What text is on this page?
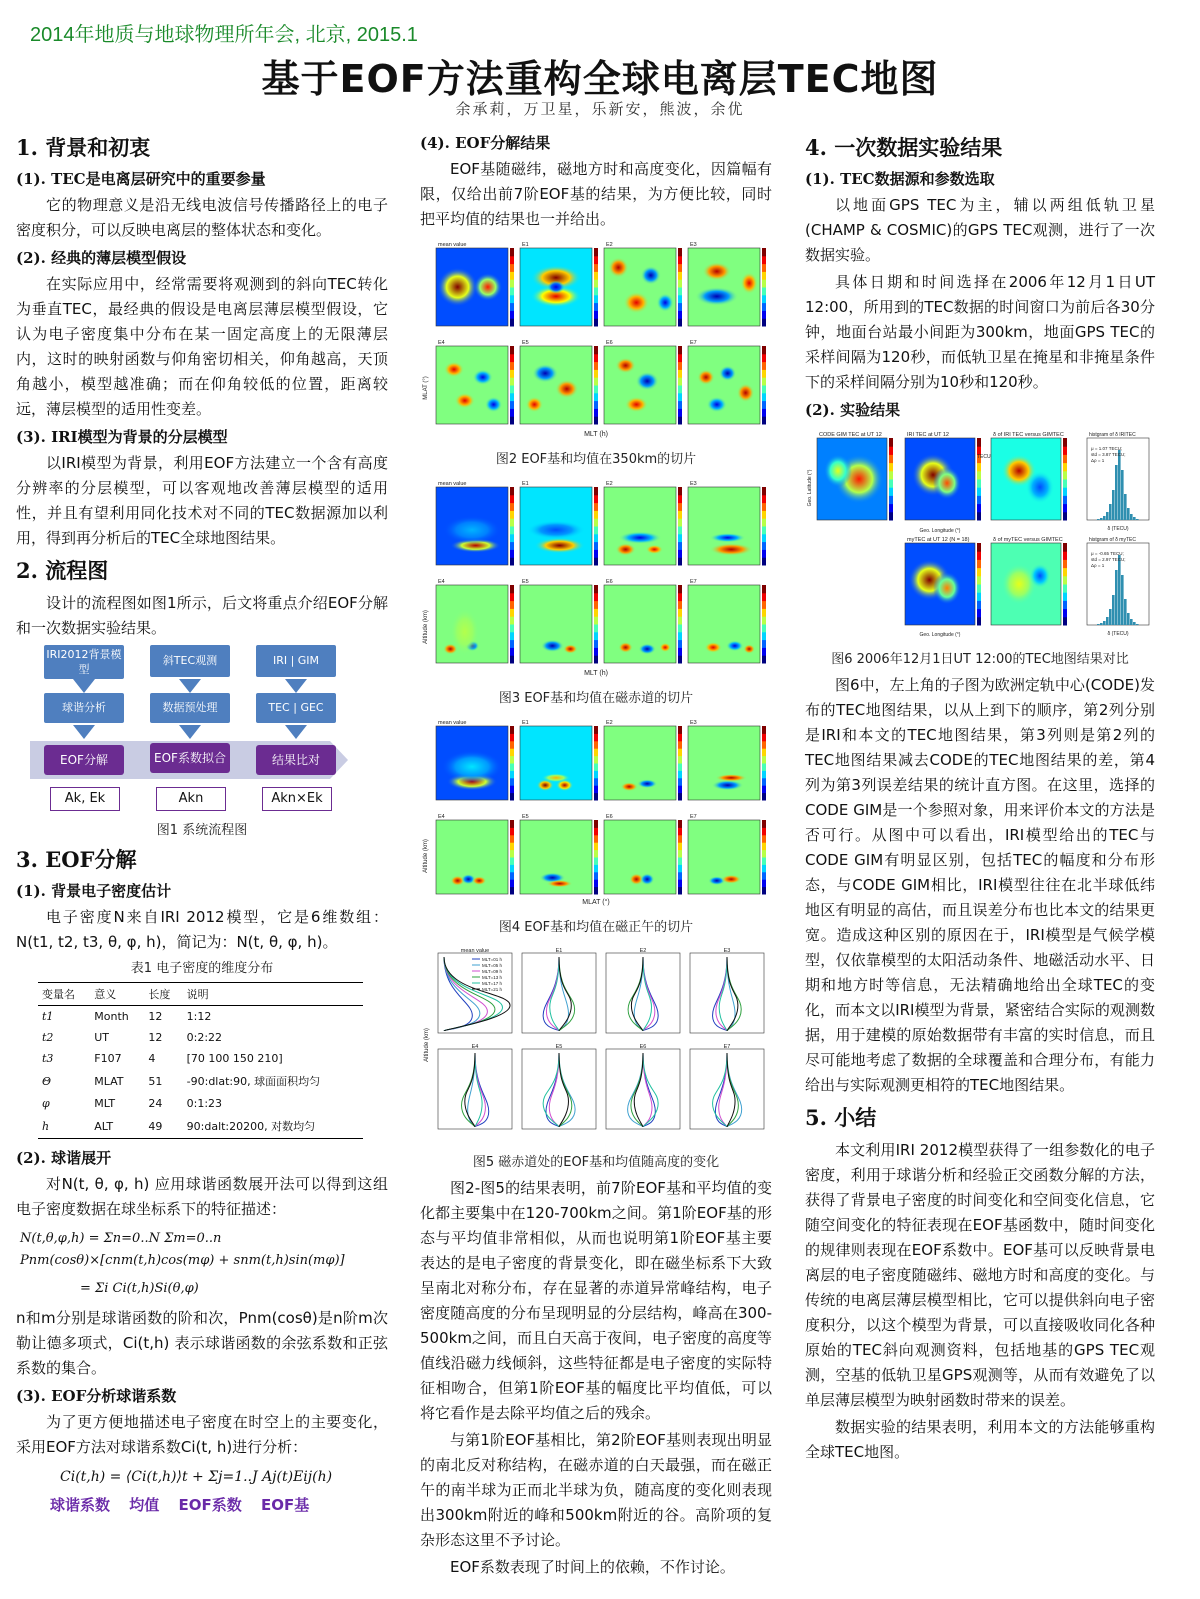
2014年地质与地球物理所年会, 北京, 2015.1
基于EOF方法重构全球电离层TEC地图
余承莉，万卫星，乐新安，熊波，余优
1. 背景和初衷
(1). TEC是电离层研究中的重要参量

它的物理意义是沿无线电波信号传播路径上的电子密度积分，可以反映电离层的整体状态和变化。

(2). 经典的薄层模型假设

在实际应用中，经常需要将观测到的斜向TEC转化为垂直TEC，最经典的假设是电离层薄层模型假设，它认为电子密度集中分布在某一固定高度上的无限薄层内，这时的映射函数与仰角密切相关，仰角越高，天顶角越小，模型越准确；而在仰角较低的位置，距离较远，薄层模型的适用性变差。

(3). IRI模型为背景的分层模型

以IRI模型为背景，利用EOF方法建立一个含有高度分辨率的分层模型，可以客观地改善薄层模型的适用性，并且有望利用同化技术对不同的TEC数据源加以利用，得到再分析后的TEC全球地图结果。

2. 流程图

设计的流程图如图1所示，后文将重点介绍EOF分解和一次数据实验结果。

IRI2012背景模型
斜TEC观测	IRI | GIM
球谐分析	数据预处理	TEC | GEC
EOF分解	EOF系数拟合	结果比对
Ak, Ek	Akn	Akn×Ek
图1 系统流程图
3. EOF分解
(1). 背景电子密度估计

电子密度N来自IRI 2012模型，它是6维数组：N(t1, t2, t3, θ, φ, h)，简记为：N(t, θ, φ, h)。

表1 电子密度的维度分布
变量名	意义	长度	说明
t1	Month	12	1:12
t2	UT	12	0:2:22
t3	F107	4	[70 100 150 210]
Θ	MLAT	51	-90:dlat:90, 球面面积均匀
φ	MLT	24	0:1:23
h	ALT	49	90:dalt:20200, 对数均匀
(2). 球谐展开

对N(t, θ, φ, h) 应用球谐函数展开法可以得到这组电子密度数据在球坐标系下的特征描述：

N(t,θ,φ,h) = Σn=0..N Σm=0..n Pnm(cosθ)×[cnm(t,h)cos(mφ) + snm(t,h)sin(mφ)]
= Σi Ci(t,h)Si(θ,φ)

n和m分别是球谐函数的阶和次，Pnm(cosθ)是n阶m次勒让德多项式，Ci(t,h) 表示球谐函数的余弦系数和正弦系数的集合。

(3). EOF分析球谐系数

为了更方便地描述电子密度在时空上的主要变化，采用EOF方法对球谐系数Ci(t, h)进行分析：

Ci(t,h) = ⟨Ci(t,h)⟩t + Σj=1..J Aj(t)Eij(h)
球谐系数 均值 EOF系数 EOF基
(4). EOF分解结果

EOF基随磁纬，磁地方时和高度变化，因篇幅有限，仅给出前7阶EOF基的结果，为方便比较，同时把平均值的结果也一并给出。

mean value	E1	E2	E3
E4	E5	E6	E7
MLT (h)
MLAT (°)
图2 EOF基和均值在350km的切片
mean value	E1	E2	E3
E4	E5	E6	E7
MLT (h)
Altitude (km)
图3 EOF基和均值在磁赤道的切片
mean value	E1	E2	E3
E4	E5	E6	E7
MLAT (°)
Altitude (km)
图4 EOF基和均值在磁正午的切片
mean value	E1	E2	E3
E4	E5	E6	E7
MLT=01 h
MLT=05 h
MLT=09 h
MLT=13 h
MLT=17 h
MLT=21 h
Altitude (km)
图5 磁赤道处的EOF基和均值随高度的变化

图2-图5的结果表明，前7阶EOF基和平均值的变化都主要集中在120-700km之间。第1阶EOF基的形态与平均值非常相似，从而也说明第1阶EOF基主要表达的是电子密度的背景变化，即在磁坐标系下大致呈南北对称分布，存在显著的赤道异常峰结构，电子密度随高度的分布呈现明显的分层结构，峰高在300-500km之间，而且白天高于夜间，电子密度的高度等值线沿磁力线倾斜，这些特征都是电子密度的实际特征相吻合，但第1阶EOF基的幅度比平均值低，可以将它看作是去除平均值之后的残余。

与第1阶EOF基相比，第2阶EOF基则表现出明显的南北反对称结构，在磁赤道的白天最强，而在磁正午的南半球为正而北半球为负，随高度的变化则表现出300km附近的峰和500km附近的谷。高阶项的复杂形态这里不予讨论。

EOF系数表现了时间上的依赖，不作讨论。

4. 一次数据实验结果
(1). TEC数据源和参数选取

以地面GPS TEC为主，辅以两组低轨卫星(CHAMP & COSMIC)的GPS TEC观测，进行了一次数据实验。

具体日期和时间选择在2006年12月1日UT 12:00，所用到的TEC数据的时间窗口为前后各30分钟，地面台站最小间距为300km，地面GPS TEC的采样间隔为120秒，而低轨卫星在掩星和非掩星条件下的采样间隔分别为10秒和120秒。

(2). 实验结果
CODE GIM TEC at UT 12	IRI TEC at UT 12	δ of IRI TEC versus GIMTEC
myTEC at UT 12 (N = 18)	δ of myTEC versus GIMTEC
histgram of δ IRITEC
μ = 1.07 TECU;
std = 3.87 TECU;
Δρ = 1
δ (TECU)
histgram of δ myTEC
μ = -0.65 TECU;
std = 2.97 TECU;
Δρ = 1
δ (TECU)
Geo. Longitude (°)
Geo. Longitude (°)
Geo. Latitude (°)
TECU
图6 2006年12月1日UT 12:00的TEC地图结果对比

图6中，左上角的子图为欧洲定轨中心(CODE)发布的TEC地图结果，以从上到下的顺序，第2列分别是IRI和本文的TEC地图结果，第3列则是第2列的TEC地图结果减去CODE的TEC地图结果的差，第4列为第3列误差结果的统计直方图。在这里，选择的CODE GIM是一个参照对象，用来评价本文的方法是否可行。从图中可以看出，IRI模型给出的TEC与CODE GIM有明显区别，包括TEC的幅度和分布形态，与CODE GIM相比，IRI模型往往在北半球低纬地区有明显的高估，而且误差分布也比本文的结果更宽。造成这种区别的原因在于，IRI模型是气候学模型，仅依靠模型的太阳活动条件、地磁活动水平、日期和地方时等信息，无法精确地给出全球TEC的变化，而本文以IRI模型为背景，紧密结合实际的观测数据，用于建模的原始数据带有丰富的实时信息，而且尽可能地考虑了数据的全球覆盖和合理分布，有能力给出与实际观测更相符的TEC地图结果。

5. 小结

本文利用IRI 2012模型获得了一组参数化的电子密度，利用于球谐分析和经验正交函数分解的方法，获得了背景电子密度的时间变化和空间变化信息，它随空间变化的特征表现在EOF基函数中，随时间变化的规律则表现在EOF系数中。EOF基可以反映背景电离层的电子密度随磁纬、磁地方时和高度的变化。与传统的电离层薄层模型相比，它可以提供斜向电子密度积分，以这个模型为背景，可以直接吸收同化各种原始的TEC斜向观测资料，包括地基的GPS TEC观测，空基的低轨卫星GPS观测等，从而有效避免了以单层薄层模型为映射函数时带来的误差。

数据实验的结果表明，利用本文的方法能够重构全球TEC地图。
